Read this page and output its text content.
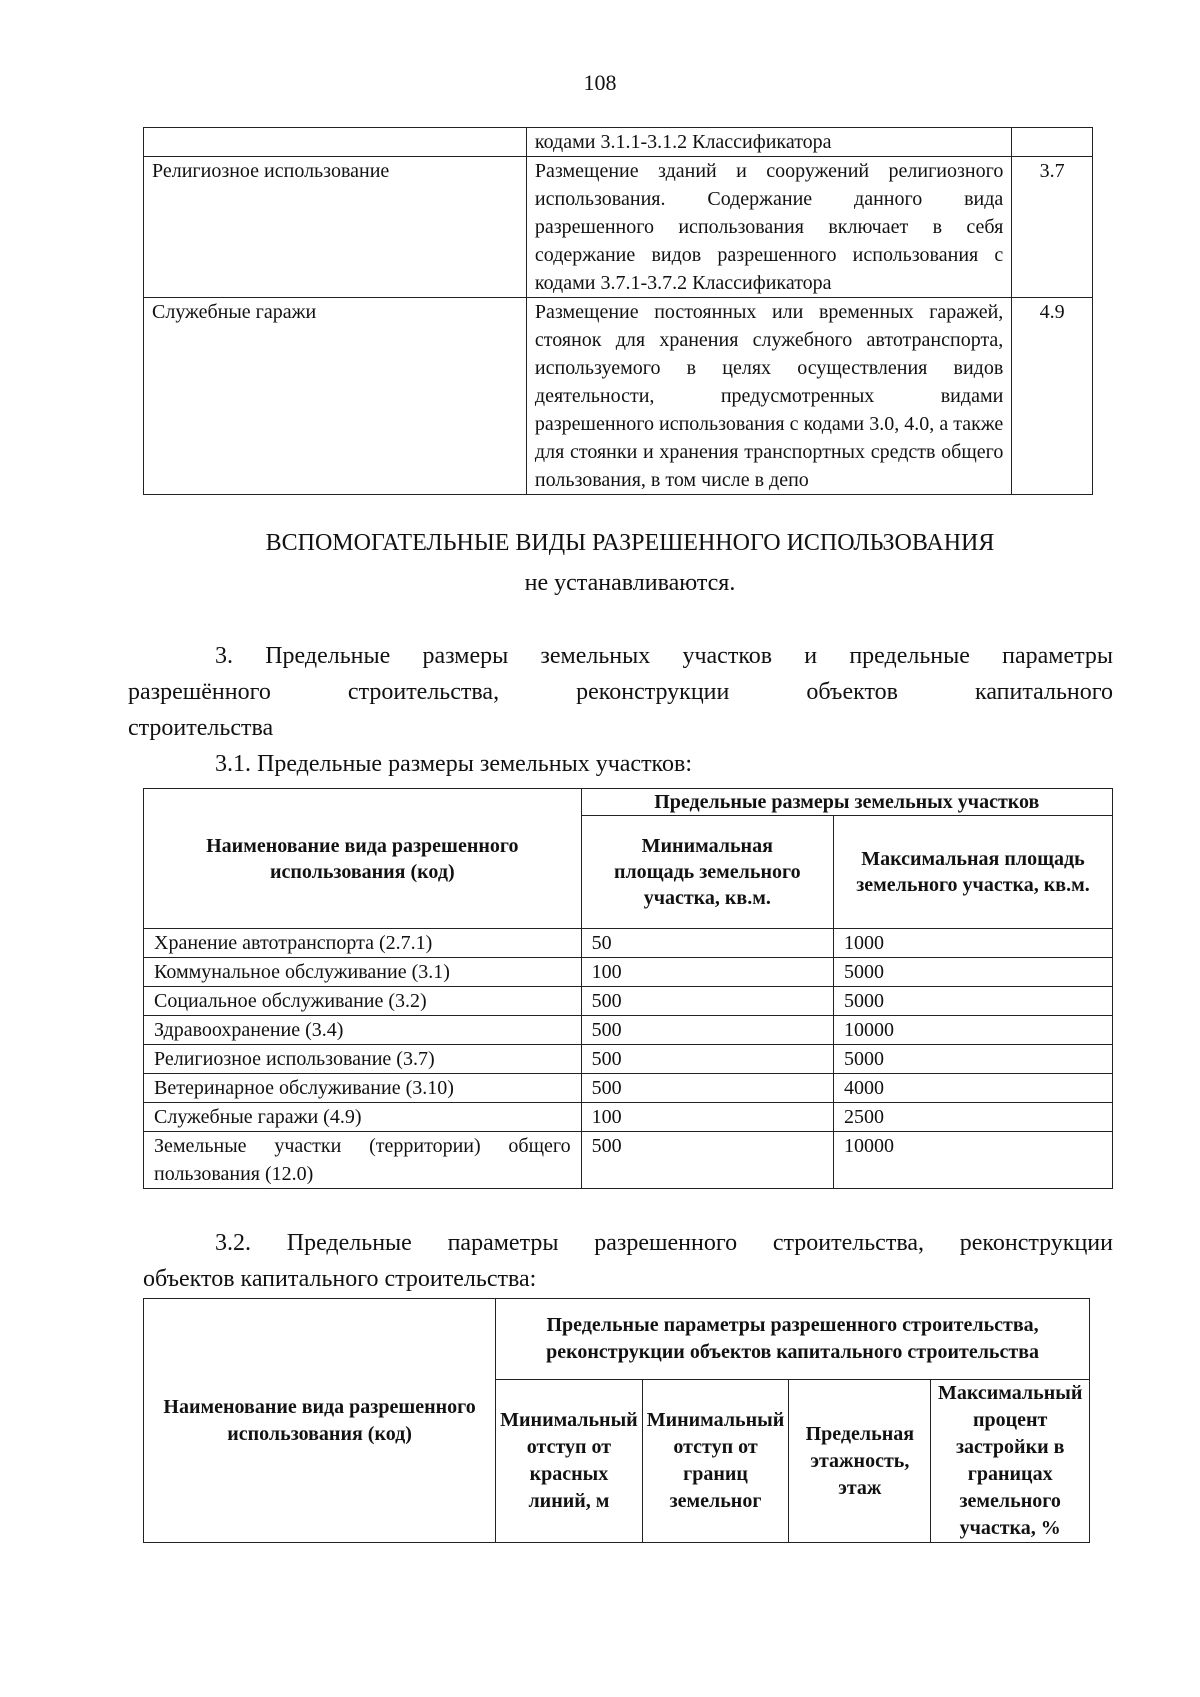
108
	кодами 3.1.1-3.1.2 Классификатора	
Религиозное использование	Размещение зданий и сооружений религиозного использования. Содержание данного вида разрешенного использования включает в себя содержание видов разрешенного использования с кодами 3.7.1-3.7.2 Классификатора	3.7
Служебные гаражи	Размещение постоянных или временных гаражей, стоянок для хранения служебного автотранспорта, используемого в целях осуществления видов деятельности, предусмотренных видами разрешенного использования с кодами 3.0, 4.0, а также для стоянки и хранения транспортных средств общего пользования, в том числе в депо	4.9
ВСПОМОГАТЕЛЬНЫЕ ВИДЫ РАЗРЕШЕННОГО ИСПОЛЬЗОВАНИЯ
не устанавливаются.
3. Предельные размеры земельных участков и предельные параметры
разрешённого строительства, реконструкции объектов капитального
строительства
3.1. Предельные размеры земельных участков:
Наименование вида разрешенного использования (код)	Предельные размеры земельных участков	
	Минимальная площадь земельного участка, кв.м.	Максимальная площадь земельного участка, кв.м.
Хранение автотранспорта (2.7.1)	50	1000
Коммунальное обслуживание (3.1)	100	5000
Социальное обслуживание (3.2)	500	5000
Здравоохранение (3.4)	500	10000
Религиозное использование (3.7)	500	5000
Ветеринарное обслуживание (3.10)	500	4000
Служебные гаражи (4.9)	100	2500
Земельные участки (территории) общего пользования (12.0)	500	10000
3.2. Предельные параметры разрешенного строительства, реконструкции
объектов капитального строительства:
Наименование вида разрешенного использования (код)	Предельные параметры разрешенного строительства, реконструкции объектов капитального строительства			
	Минимальный отступ от красных линий, м	Минимальный отступ от границ земельног	Предельная этажность, этаж	Максимальный процент застройки в границах земельного участка, %
